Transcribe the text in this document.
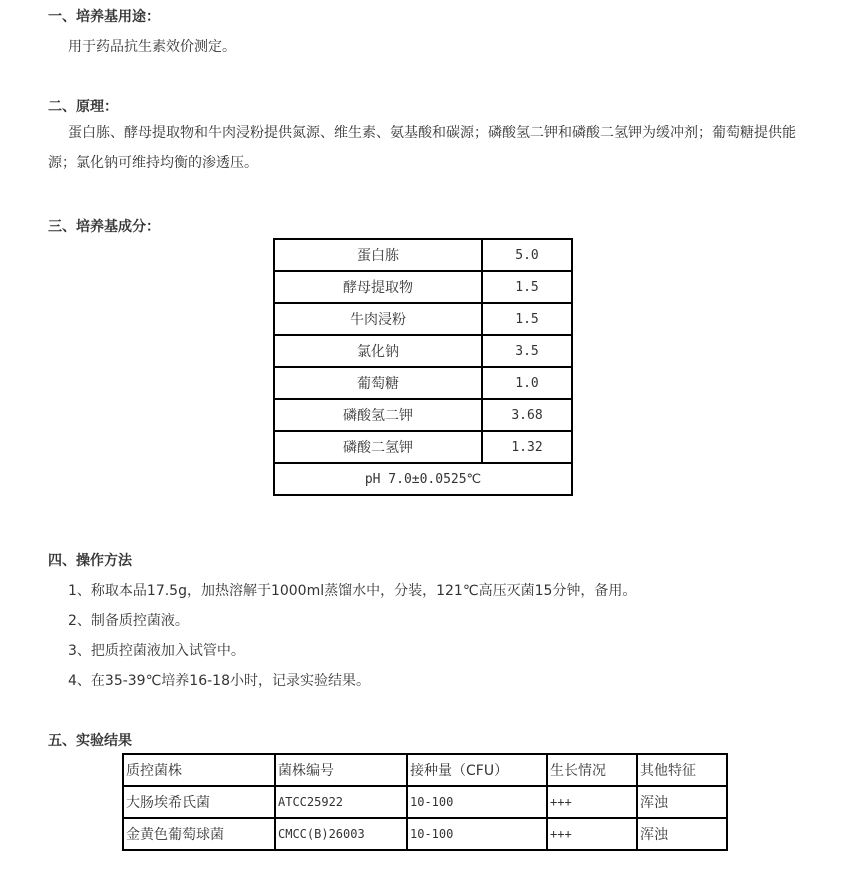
一、培养基用途：
用于药品抗生素效价测定。
二、原理：
蛋白胨、酵母提取物和牛肉浸粉提供氮源、维生素、氨基酸和碳源；磷酸氢二钾和磷酸二氢钾为缓冲剂；葡萄糖提供能源；氯化钠可维持均衡的渗透压。
三、培养基成分：
蛋白胨	5.0
酵母提取物	1.5
牛肉浸粉	1.5
氯化钠	3.5
葡萄糖	1.0
磷酸氢二钾	3.68
磷酸二氢钾	1.32
pH 7.0±0.0525℃	
四、操作方法
1、称取本品17.5g，加热溶解于1000ml蒸馏水中，分装，121℃高压灭菌15分钟，备用。
2、制备质控菌液。
3、把质控菌液加入试管中。
4、在35-39℃培养16-18小时，记录实验结果。
五、实验结果
质控菌株	菌株编号	接种量（CFU）	生长情况	其他特征
大肠埃希氏菌	ATCC25922	10-100	+++	浑浊
金黄色葡萄球菌	CMCC(B)26003	10-100	+++	浑浊
